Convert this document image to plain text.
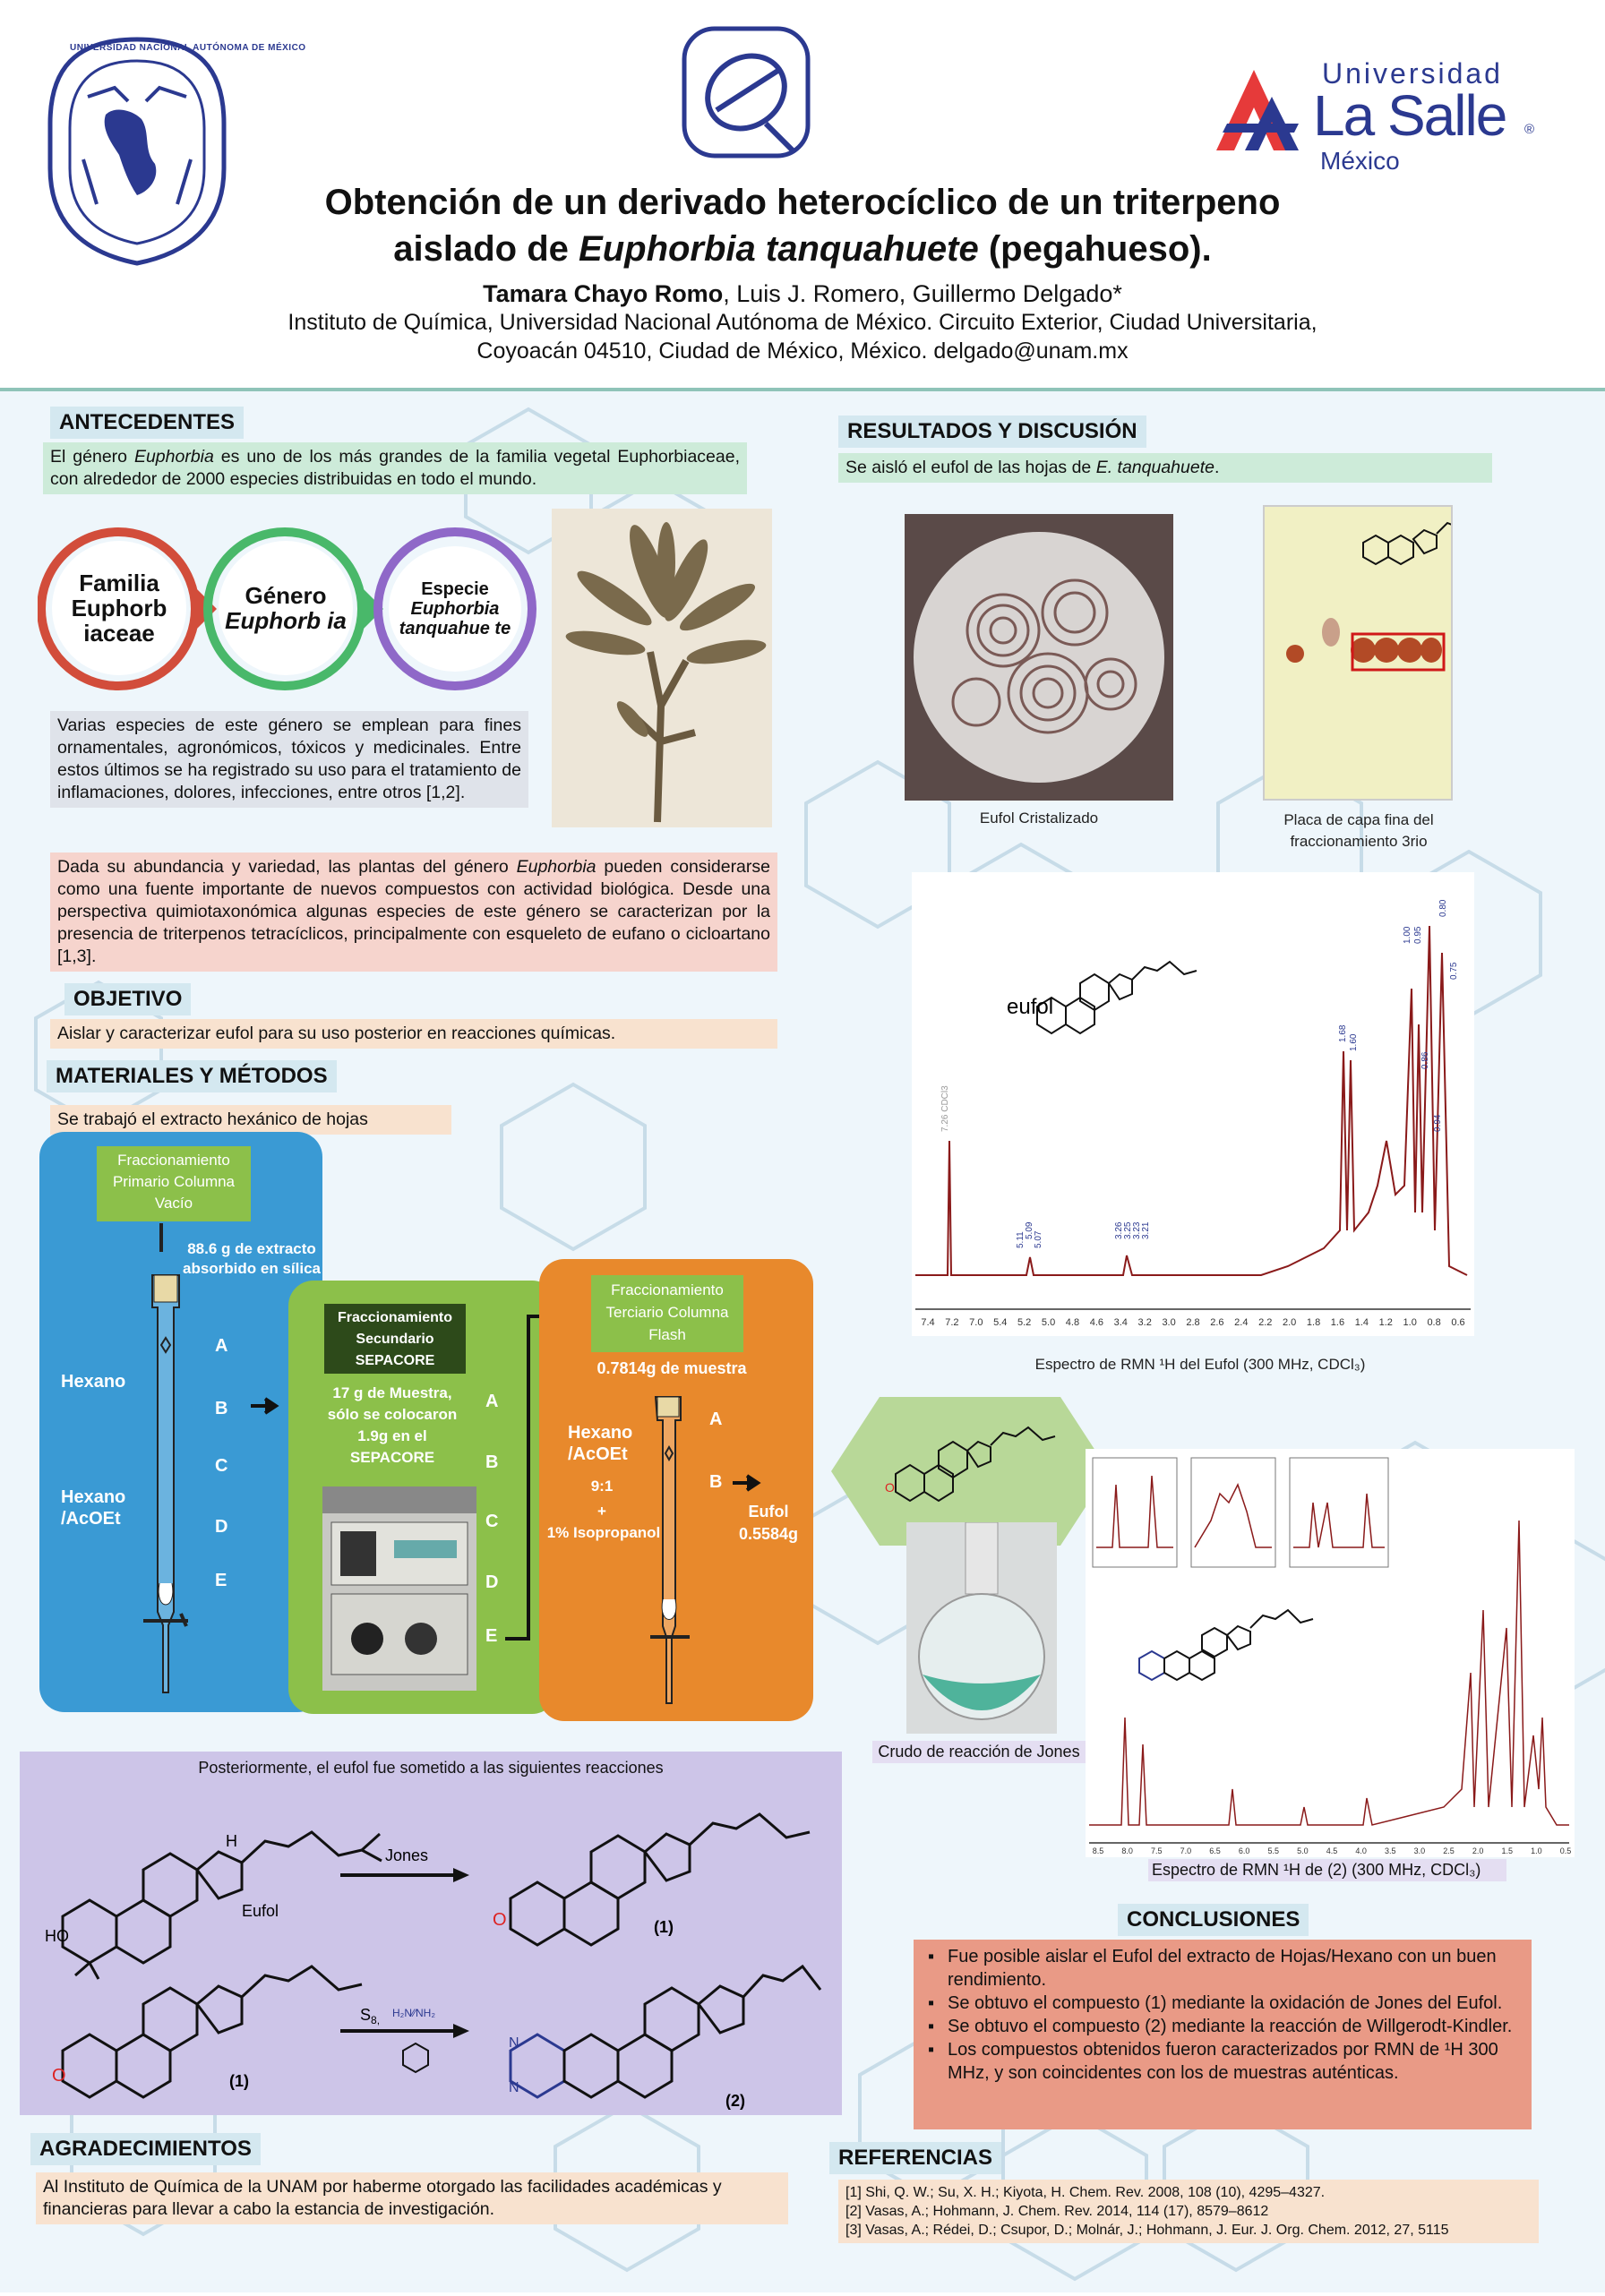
UNIVERSIDAD NACIONAL AUTÓNOMA DE MÉXICO
Universidad
La Salle ®
México
Obtención de un derivado heterocíclico de un triterpeno
aislado de Euphorbia tanquahuete (pegahueso).
Tamara Chayo Romo, Luis J. Romero, Guillermo Delgado*
Instituto de Química, Universidad Nacional Autónoma de México. Circuito Exterior, Ciudad Universitaria,
Coyoacán 04510, Ciudad de México, México. delgado@unam.mx
ANTECEDENTES
El género Euphorbia es uno de los más grandes de la familia vegetal Euphorbiaceae, con alrededor de 2000 especies distribuidas en todo el mundo.
Familia Euphorb iaceae
Género
Euphorb ia
Especie
Euphorbia tanquahue te
Varias especies de este género se emplean para fines ornamentales, agronómicos, tóxicos y medicinales. Entre estos últimos se ha registrado su uso para el tratamiento de inflamaciones, dolores, infecciones, entre otros [1,2].
Dada su abundancia y variedad, las plantas del género Euphorbia pueden considerarse como una fuente importante de nuevos compuestos con actividad biológica. Desde una perspectiva quimiotaxonómica algunas especies de este género se caracterizan por la presencia de triterpenos tetracíclicos, principalmente con esqueleto de eufano o cicloartano [1,3].
OBJETIVO
Aislar y caracterizar eufol para su uso posterior en reacciones químicas.
MATERIALES Y MÉTODOS
Se trabajó el extracto hexánico de hojas
Fraccionamiento Primario Columna Vacío
88.6 g de extracto absorbido en sílica
Hexano
Hexano /AcOEt
A
B
C
D
E
Fraccionamiento Secundario SEPACORE
17 g de Muestra, sólo se colocaron 1.9g en el SEPACORE
A
B
C
D
E
Fraccionamiento Terciario Columna Flash
0.7814g de muestra
Hexano /AcOEt
9:1
+
1% Isopropanol
A
B
Eufol 0.5584g
Posteriormente, el eufol fue sometido a las siguientes reacciones
HO
H
Eufol
Jones
O	(1)
O	(1)
$S_{8,}$
H₂N⁄⁄NH₂
N
N
(2)
AGRADECIMIENTOS
Al Instituto de Química de la UNAM por haberme otorgado las facilidades académicas y financieras para llevar a cabo la estancia de investigación.
RESULTADOS Y DISCUSIÓN
Se aisló el eufol de las hojas de E. tanquahuete.
Eufol Cristalizado	Placa de capa fina del fraccionamiento 3rio
eufol
7.26 CDCl3
5.11
5.09
5.07
3.26 3.25 3.23 3.21
1.68
1.60
1.00 0.95
0.80
0.75
0.86
0.94
7.4 7.2 7.0 5.4 5.2 5.0 4.8 4.6 3.4 3.2 3.0 2.8 2.6 2.4 2.2 2.0 1.8 1.6 1.4 1.2 1.0 0.8 0.6
Espectro de RMN ¹H del Eufol (300 MHz, CDCl₃)
O
Crudo de reacción de Jones
8.5 8.0 7.5 7.0 6.5 6.0 5.5 5.0 4.5 4.0 3.5 3.0 2.5 2.0 1.5 1.0 0.5
Espectro de RMN ¹H de (2) (300 MHz, CDCl₃)
CONCLUSIONES
▪ Fue posible aislar el Eufol del extracto de Hojas/Hexano con un buen rendimiento.
▪ Se obtuvo el compuesto (1) mediante la oxidación de Jones del Eufol.
▪ Se obtuvo el compuesto (2) mediante la reacción de Willgerodt-Kindler.
▪ Los compuestos obtenidos fueron caracterizados por RMN de ¹H 300 MHz, y son coincidentes con los de muestras auténticas.
REFERENCIAS
[1] Shi, Q. W.; Su, X. H.; Kiyota, H. Chem. Rev. 2008, 108 (10), 4295–4327.
[2] Vasas, A.; Hohmann, J. Chem. Rev. 2014, 114 (17), 8579–8612
[3] Vasas, A.; Rédei, D.; Csupor, D.; Molnár, J.; Hohmann, J. Eur. J. Org. Chem. 2012, 27, 5115
